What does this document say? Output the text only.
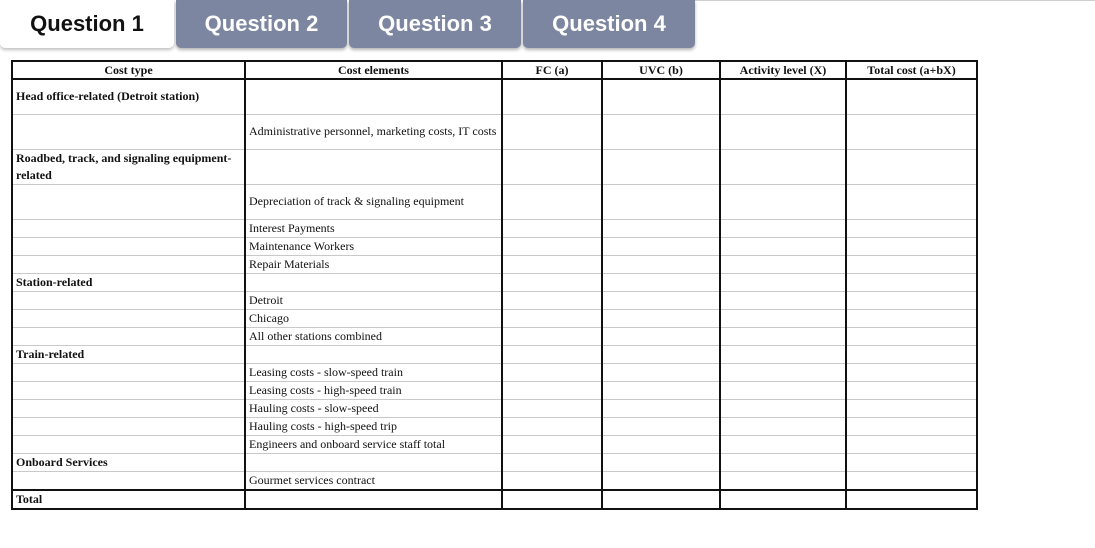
Question 1	Question 2	Question 3	Question 4
Cost type	Cost elements	FC (a)	UVC (b)	Activity level (X)	Total cost (a+bX)
Head office-related (Detroit station)					
	Administrative personnel, marketing costs, IT costs				
Roadbed, track, and signaling equipment-related					
	Depreciation of track & signaling equipment				
	Interest Payments				
	Maintenance Workers				
	Repair Materials				
Station-related					
	Detroit				
	Chicago				
	All other stations combined				
Train-related					
	Leasing costs - slow-speed train				
	Leasing costs - high-speed train				
	Hauling costs - slow-speed				
	Hauling costs - high-speed trip				
	Engineers and onboard service staff total				
Onboard Services					
	Gourmet services contract				
Total					
